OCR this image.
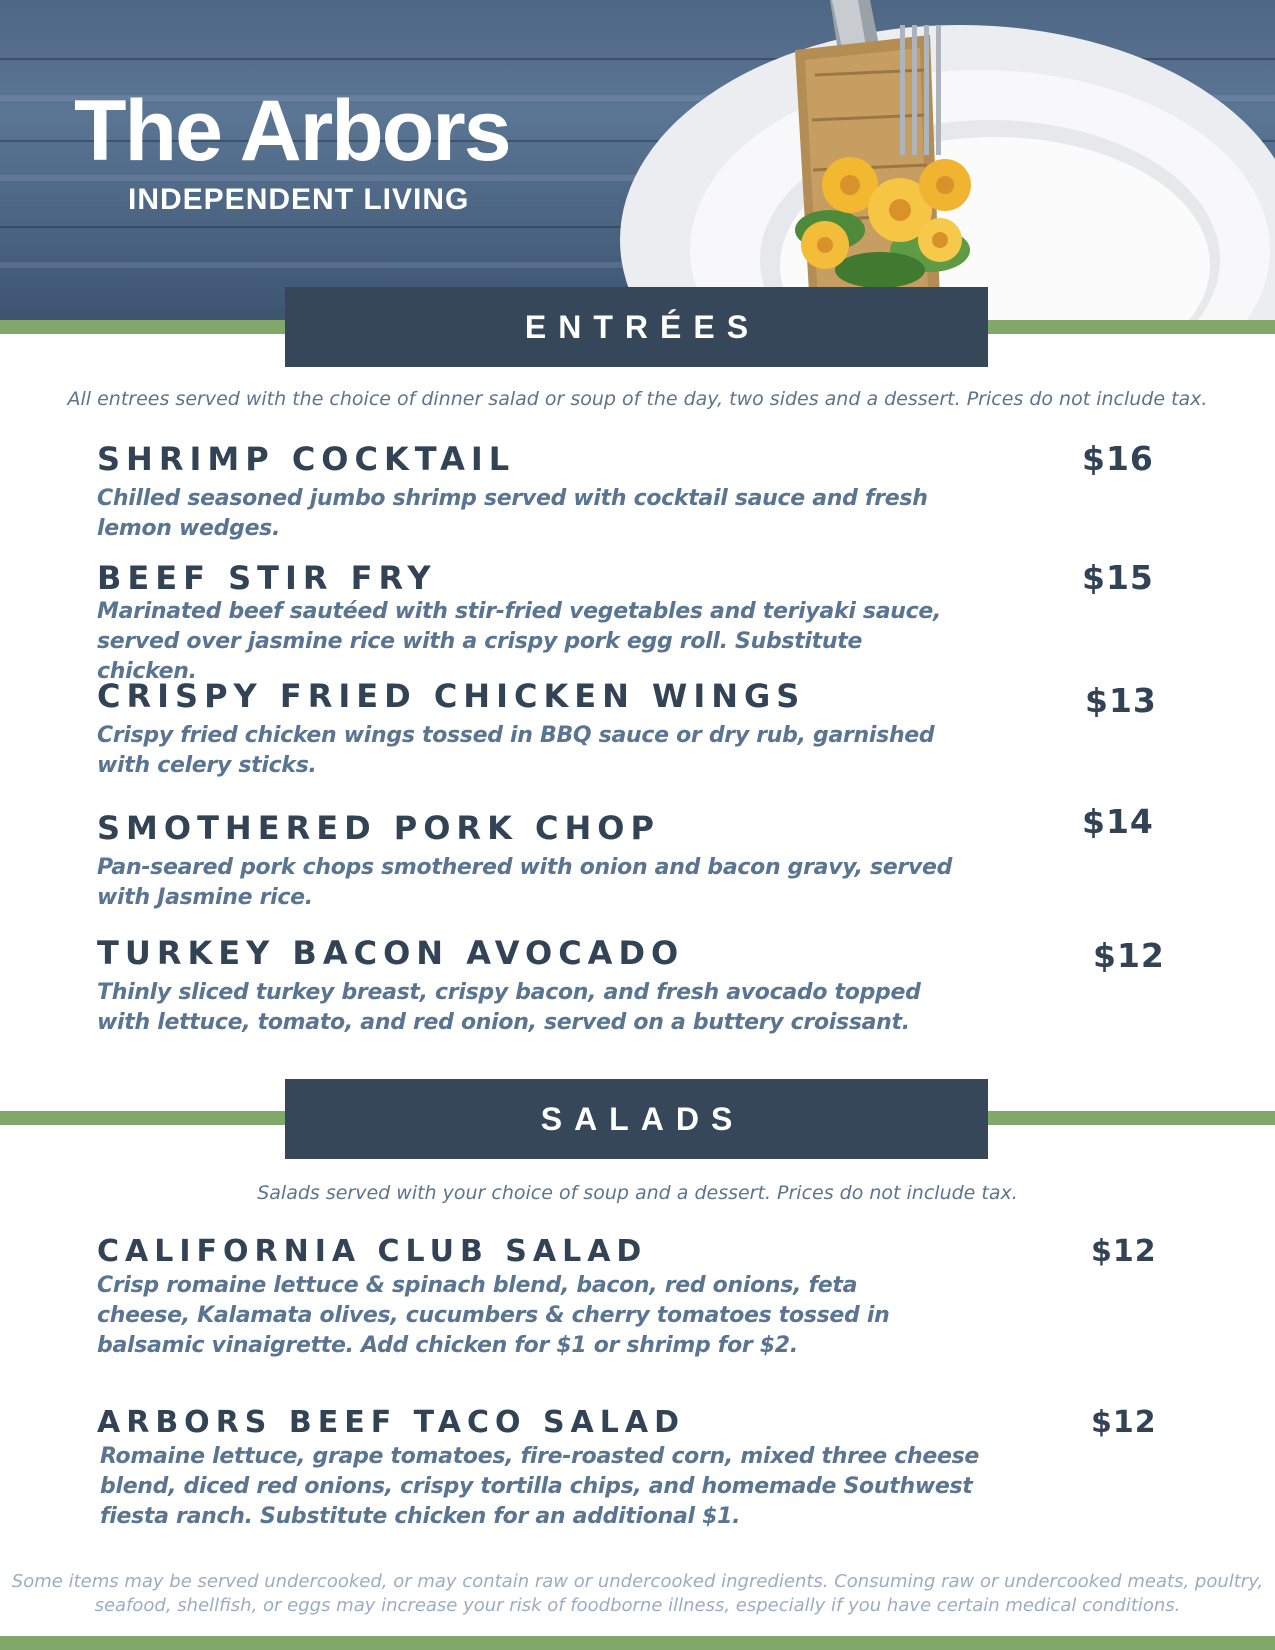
The Arbors

INDEPENDENT LIVING

ENTRÉES
All entrees served with the choice of dinner salad or soup of the day, two sides and a dessert. Prices do not include tax.
SHRIMP COCKTAIL	$16

Chilled seasoned jumbo shrimp served with cocktail sauce and fresh lemon wedges.

BEEF STIR FRY	$15

Marinated beef sautéed with stir-fried vegetables and teriyaki sauce, served over jasmine rice with a crispy pork egg roll. Substitute chicken.

CRISPY FRIED CHICKEN WINGS	$13

Crispy fried chicken wings tossed in BBQ sauce or dry rub, garnished with celery sticks.

SMOTHERED PORK CHOP	$14

Pan-seared pork chops smothered with onion and bacon gravy, served with Jasmine rice.

TURKEY BACON AVOCADO	$12

Thinly sliced turkey breast, crispy bacon, and fresh avocado topped with lettuce, tomato, and red onion, served on a buttery croissant.

SALADS
Salads served with your choice of soup and a dessert. Prices do not include tax.
CALIFORNIA CLUB SALAD	$12

Crisp romaine lettuce & spinach blend, bacon, red onions, feta cheese, Kalamata olives, cucumbers & cherry tomatoes tossed in balsamic vinaigrette. Add chicken for $1 or shrimp for $2.

ARBORS BEEF TACO SALAD	$12

Romaine lettuce, grape tomatoes, fire-roasted corn, mixed three cheese blend, diced red onions, crispy tortilla chips, and homemade Southwest fiesta ranch. Substitute chicken for an additional $1.

Some items may be served undercooked, or may contain raw or undercooked ingredients. Consuming raw or undercooked meats, poultry, seafood, shellfish, or eggs may increase your risk of foodborne illness, especially if you have certain medical conditions.
